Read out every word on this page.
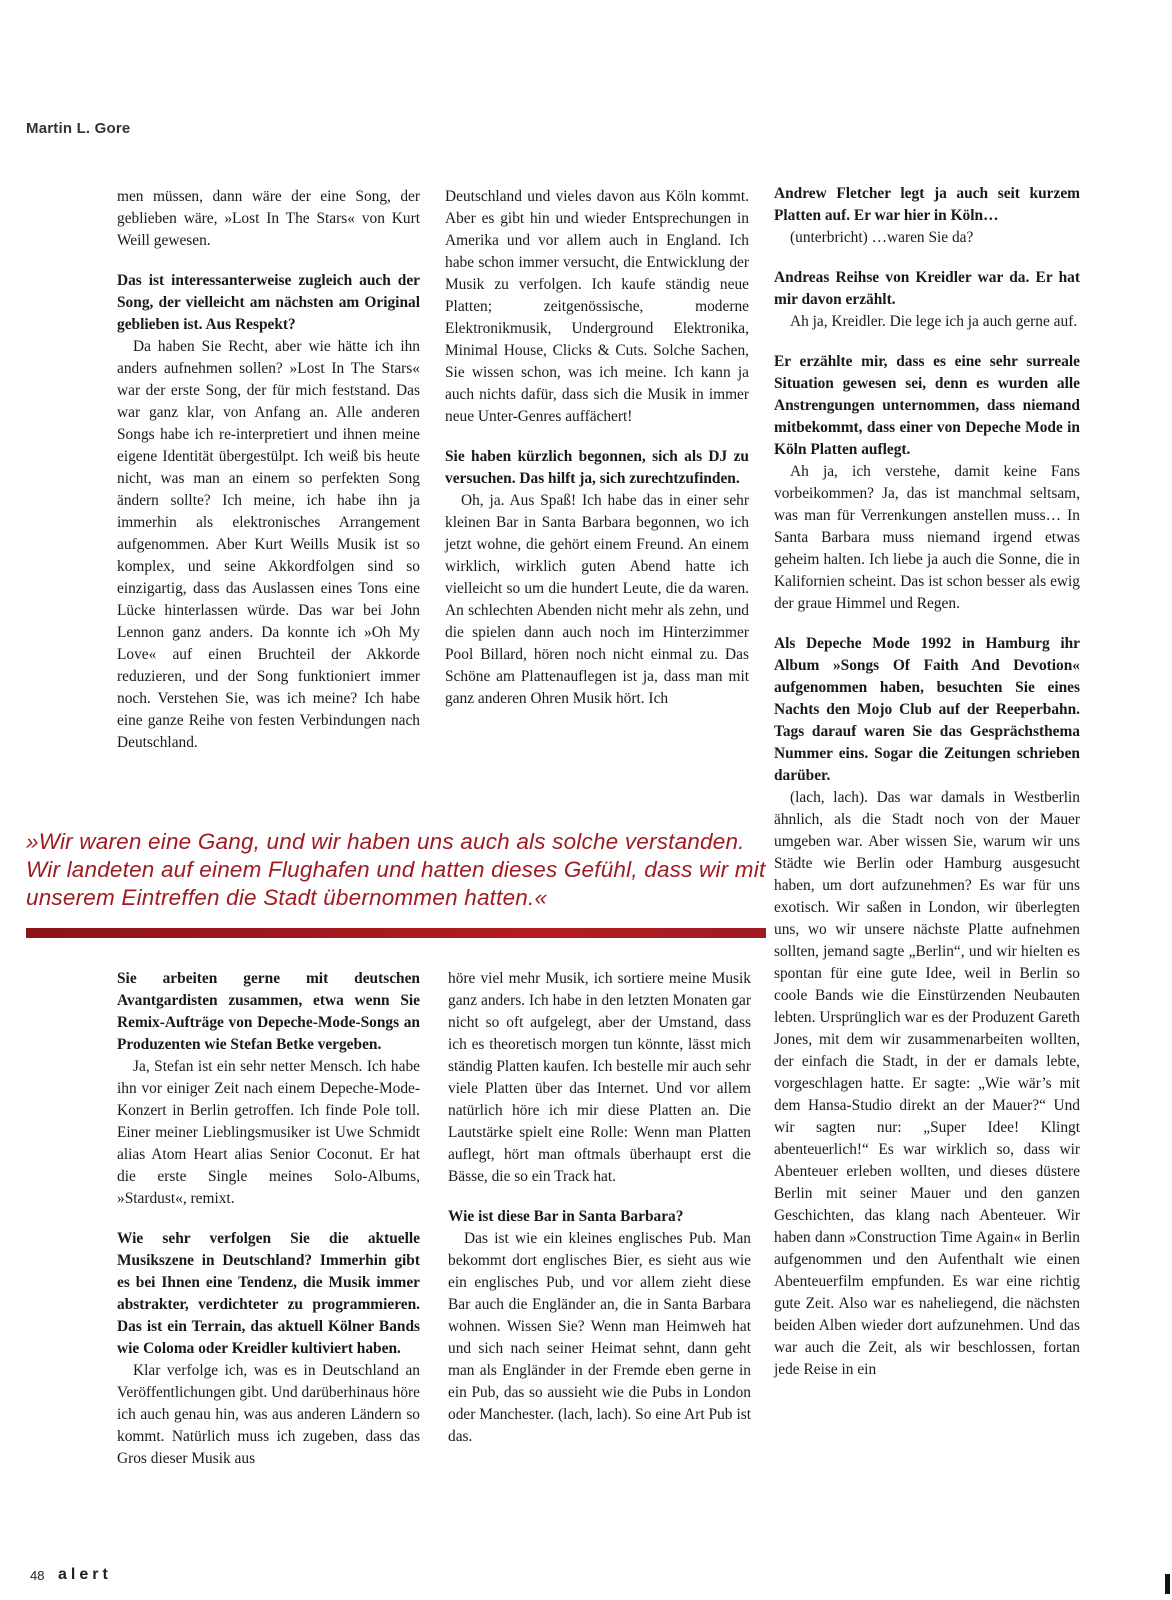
Martin L. Gore

men müssen, dann wäre der eine Song, der geblieben wäre, »Lost In The Stars« von Kurt Weill gewesen.

Das ist interessanterweise zugleich auch der Song, der vielleicht am nächsten am Original geblieben ist. Aus Respekt?

Da haben Sie Recht, aber wie hätte ich ihn anders aufnehmen sollen? »Lost In The Stars« war der erste Song, der für mich feststand. Das war ganz klar, von Anfang an. Alle anderen Songs habe ich re-interpretiert und ihnen meine eigene Identität übergestülpt. Ich weiß bis heute nicht, was man an einem so perfekten Song ändern sollte? Ich meine, ich habe ihn ja immerhin als elektronisches Arrangement aufgenommen. Aber Kurt Weills Musik ist so komplex, und seine Akkordfolgen sind so einzigartig, dass das Auslassen eines Tons eine Lücke hinterlassen würde. Das war bei John Lennon ganz anders. Da konnte ich »Oh My Love« auf einen Bruchteil der Akkorde reduzieren, und der Song funktioniert immer noch. Verstehen Sie, was ich meine? Ich habe eine ganze Reihe von festen Verbindungen nach Deutschland.

Deutschland und vieles davon aus Köln kommt. Aber es gibt hin und wieder Entsprechungen in Amerika und vor allem auch in England. Ich habe schon immer versucht, die Entwicklung der Musik zu verfolgen. Ich kaufe ständig neue Platten; zeitgenössische, moderne Elektronikmusik, Underground Elektronika, Minimal House, Clicks & Cuts. Solche Sachen, Sie wissen schon, was ich meine. Ich kann ja auch nichts dafür, dass sich die Musik in immer neue Unter-Genres auffächert!

Sie haben kürzlich begonnen, sich als DJ zu versuchen. Das hilft ja, sich zurechtzufinden.

Oh, ja. Aus Spaß! Ich habe das in einer sehr kleinen Bar in Santa Barbara begonnen, wo ich jetzt wohne, die gehört einem Freund. An einem wirklich, wirklich guten Abend hatte ich vielleicht so um die hundert Leute, die da waren. An schlechten Abenden nicht mehr als zehn, und die spielen dann auch noch im Hinterzimmer Pool Billard, hören noch nicht einmal zu. Das Schöne am Plattenauflegen ist ja, dass man mit ganz anderen Ohren Musik hört. Ich

Andrew Fletcher legt ja auch seit kurzem Platten auf. Er war hier in Köln…

(unterbricht) …waren Sie da?

Andreas Reihse von Kreidler war da. Er hat mir davon erzählt.

Ah ja, Kreidler. Die lege ich ja auch gerne auf.

Er erzählte mir, dass es eine sehr surreale Situation gewesen sei, denn es wurden alle Anstrengungen unternommen, dass niemand mitbekommt, dass einer von Depeche Mode in Köln Platten auflegt.

Ah ja, ich verstehe, damit keine Fans vorbeikommen? Ja, das ist manchmal seltsam, was man für Verrenkungen anstellen muss… In Santa Barbara muss niemand irgend etwas geheim halten. Ich liebe ja auch die Sonne, die in Kalifornien scheint. Das ist schon besser als ewig der graue Himmel und Regen.

Als Depeche Mode 1992 in Hamburg ihr Album »Songs Of Faith And Devotion« aufgenommen haben, besuchten Sie eines Nachts den Mojo Club auf der Reeperbahn. Tags darauf waren Sie das Gesprächsthema Nummer eins. Sogar die Zeitungen schrieben darüber.

(lach, lach). Das war damals in Westberlin ähnlich, als die Stadt noch von der Mauer umgeben war. Aber wissen Sie, warum wir uns Städte wie Berlin oder Hamburg ausgesucht haben, um dort aufzunehmen? Es war für uns exotisch. Wir saßen in London, wir überlegten uns, wo wir unsere nächste Platte aufnehmen sollten, jemand sagte „Berlin“, und wir hielten es spontan für eine gute Idee, weil in Berlin so coole Bands wie die Einstürzenden Neubauten lebten. Ursprünglich war es der Produzent Gareth Jones, mit dem wir zusammenarbeiten wollten, der einfach die Stadt, in der er damals lebte, vorgeschlagen hatte. Er sagte: „Wie wär’s mit dem Hansa-Studio direkt an der Mauer?“ Und wir sagten nur: „Super Idee! Klingt abenteuerlich!“ Es war wirklich so, dass wir Abenteuer erleben wollten, und dieses düstere Berlin mit seiner Mauer und den ganzen Geschichten, das klang nach Abenteuer. Wir haben dann »Construction Time Again« in Berlin aufgenommen und den Aufenthalt wie einen Abenteuerfilm empfunden. Es war eine richtig gute Zeit. Also war es naheliegend, die nächsten beiden Alben wieder dort aufzunehmen. Und das war auch die Zeit, als wir beschlossen, fortan jede Reise in ein

»Wir waren eine Gang, und wir haben uns auch als solche verstanden. Wir landeten auf einem Flughafen und hatten dieses Gefühl, dass wir mit unserem Eintreffen die Stadt übernommen hatten.«

Sie arbeiten gerne mit deutschen Avantgardisten zusammen, etwa wenn Sie Remix-Aufträge von Depeche-Mode-Songs an Produzenten wie Stefan Betke vergeben.

Ja, Stefan ist ein sehr netter Mensch. Ich habe ihn vor einiger Zeit nach einem Depeche-Mode-Konzert in Berlin getroffen. Ich finde Pole toll. Einer meiner Lieblingsmusiker ist Uwe Schmidt alias Atom Heart alias Senior Coconut. Er hat die erste Single meines Solo-Albums, »Stardust«, remixt.

Wie sehr verfolgen Sie die aktuelle Musikszene in Deutschland? Immerhin gibt es bei Ihnen eine Tendenz, die Musik immer abstrakter, verdichteter zu programmieren. Das ist ein Terrain, das aktuell Kölner Bands wie Coloma oder Kreidler kultiviert haben.

Klar verfolge ich, was es in Deutschland an Veröffentlichungen gibt. Und darüberhinaus höre ich auch genau hin, was aus anderen Ländern so kommt. Natürlich muss ich zugeben, dass das Gros dieser Musik aus

höre viel mehr Musik, ich sortiere meine Musik ganz anders. Ich habe in den letzten Monaten gar nicht so oft aufgelegt, aber der Umstand, dass ich es theoretisch morgen tun könnte, lässt mich ständig Platten kaufen. Ich bestelle mir auch sehr viele Platten über das Internet. Und vor allem natürlich höre ich mir diese Platten an. Die Lautstärke spielt eine Rolle: Wenn man Platten auflegt, hört man oftmals überhaupt erst die Bässe, die so ein Track hat.

Wie ist diese Bar in Santa Barbara?

Das ist wie ein kleines englisches Pub. Man bekommt dort englisches Bier, es sieht aus wie ein englisches Pub, und vor allem zieht diese Bar auch die Engländer an, die in Santa Barbara wohnen. Wissen Sie? Wenn man Heimweh hat und sich nach seiner Heimat sehnt, dann geht man als Engländer in der Fremde eben gerne in ein Pub, das so aussieht wie die Pubs in London oder Manchester. (lach, lach). So eine Art Pub ist das.

48 alert
